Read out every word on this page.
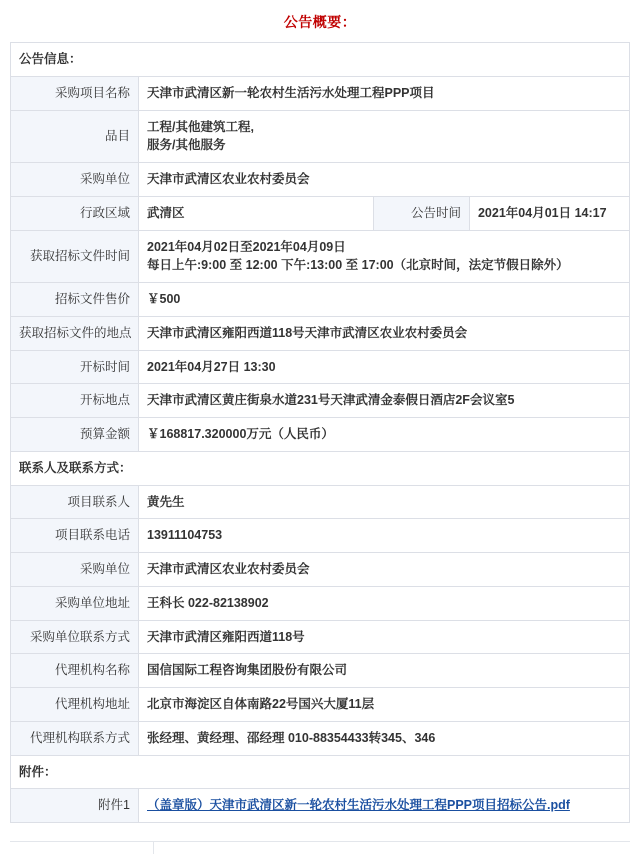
公告概要：
公告信息：			
采购项目名称	天津市武清区新一轮农村生活污水处理工程PPP项目		
品目	工程/其他建筑工程,
服务/其他服务		

采购单位	天津市武清区农业农村委员会		
行政区域	武清区	公告时间	2021年04月01日 14:17
获取招标文件时间	2021年04月02日至2021年04月09日
每日上午:9:00 至 12:00 下午:13:00 至 17:00（北京时间，法定节假日除外）		

招标文件售价	￥500		
获取招标文件的地点	天津市武清区雍阳西道118号天津市武清区农业农村委员会		
开标时间	2021年04月27日 13:30		
开标地点	天津市武清区黄庄街泉水道231号天津武清金泰假日酒店2F会议室5		
预算金额	￥168817.320000万元（人民币）		
联系人及联系方式：			
项目联系人	黄先生		
项目联系电话	13911104753		
采购单位	天津市武清区农业农村委员会		
采购单位地址	王科长 022-82138902		
采购单位联系方式	天津市武清区雍阳西道118号		
代理机构名称	国信国际工程咨询集团股份有限公司		
代理机构地址	北京市海淀区自体南路22号国兴大厦11层		
代理机构联系方式	张经理、黄经理、邵经理 010-88354433转345、346		
附件：			
附件1	（盖章版）天津市武清区新一轮农村生活污水处理工程PPP项目招标公告.pdf		
